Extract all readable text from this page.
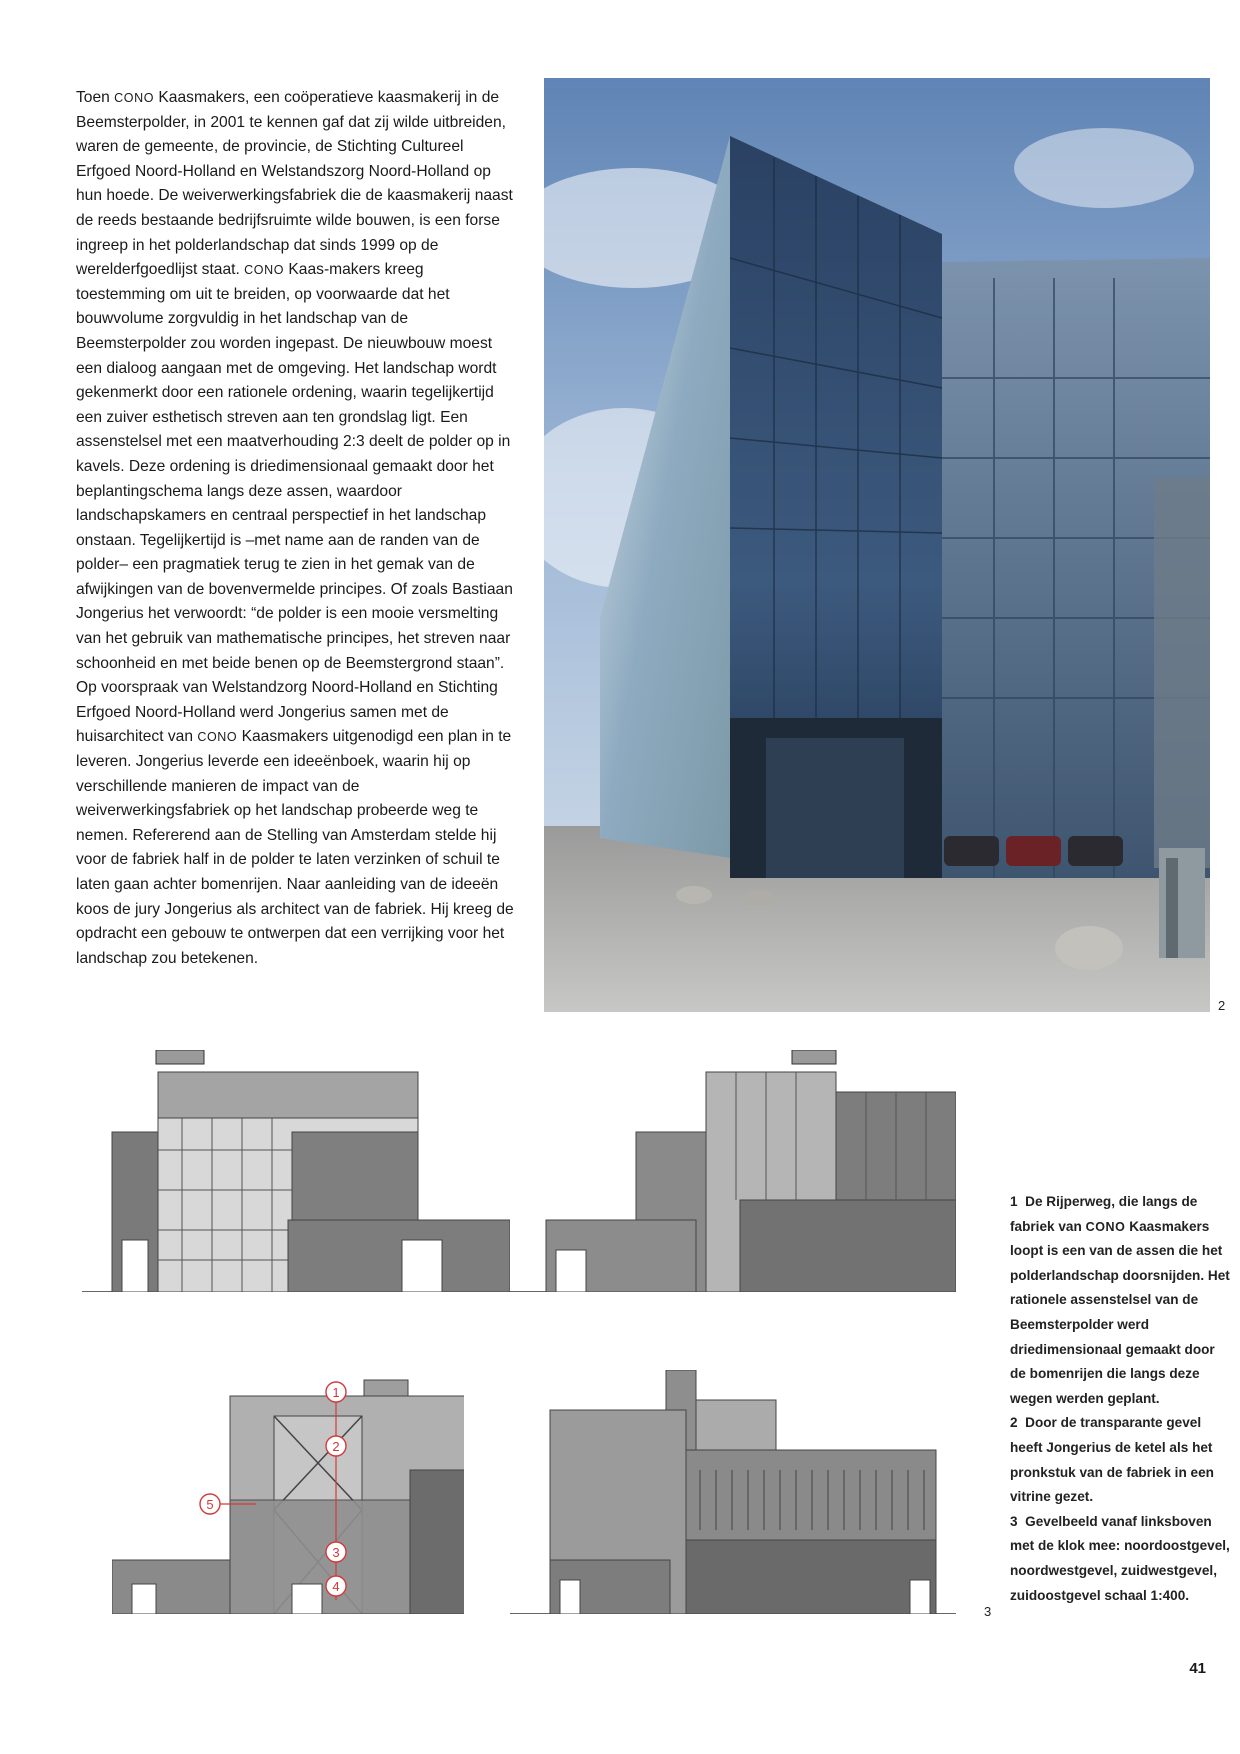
Toen CONO Kaasmakers, een coöperatieve kaasmakerij in de Beemsterpolder, in 2001 te kennen gaf dat zij wilde uitbreiden, waren de gemeente, de provincie, de Stichting Cultureel Erfgoed Noord-Holland en Welstandszorg Noord-Holland op hun hoede. De weiverwerkingsfabriek die de kaasmakerij naast de reeds bestaande bedrijfsruimte wilde bouwen, is een forse ingreep in het polderlandschap dat sinds 1999 op de werelderfgoedlijst staat. CONO Kaas-makers kreeg toestemming om uit te breiden, op voorwaarde dat het bouwvolume zorgvuldig in het landschap van de Beemsterpolder zou worden ingepast. De nieuwbouw moest een dialoog aangaan met de omgeving. Het landschap wordt gekenmerkt door een rationele ordening, waarin tegelijkertijd een zuiver esthetisch streven aan ten grondslag ligt. Een assenstelsel met een maatverhouding 2:3 deelt de polder op in kavels. Deze ordening is driedimensionaal gemaakt door het beplantingschema langs deze assen, waardoor landschapskamers en centraal perspectief in het landschap onstaan. Tegelijkertijd is –met name aan de randen van de polder– een pragmatiek terug te zien in het gemak van de afwijkingen van de bovenvermelde principes. Of zoals Bastiaan Jongerius het verwoordt: “de polder is een mooie versmelting van het gebruik van mathematische principes, het streven naar schoonheid en met beide benen op de Beemstergrond staan”.

Op voorspraak van Welstandzorg Noord-Holland en Stichting Erfgoed Noord-Holland werd Jongerius samen met de huisarchitect van CONO Kaasmakers uitgenodigd een plan in te leveren. Jongerius leverde een ideeënboek, waarin hij op verschillende manieren de impact van de weiverwerkingsfabriek op het landschap probeerde weg te nemen. Refererend aan de Stelling van Amsterdam stelde hij voor de fabriek half in de polder te laten verzinken of schuil te laten gaan achter bomenrijen. Naar aanleiding van de ideeën koos de jury Jongerius als architect van de fabriek. Hij kreeg de opdracht een gebouw te ontwerpen dat een verrijking voor het landschap zou betekenen.

2
1
2
3
4
5
3

1 De Rijperweg, die langs de fabriek van CONO Kaasmakers loopt is een van de assen die het polderlandschap doorsnijden. Het rationele assenstelsel van de Beemsterpolder werd driedimensionaal gemaakt door de bomenrijen die langs deze wegen werden geplant.

2 Door de transparante gevel heeft Jongerius de ketel als het pronkstuk van de fabriek in een vitrine gezet.

3 Gevelbeeld vanaf linksboven met de klok mee: noordoostgevel, noordwestgevel, zuidwestgevel, zuidoostgevel schaal 1:400.

41
